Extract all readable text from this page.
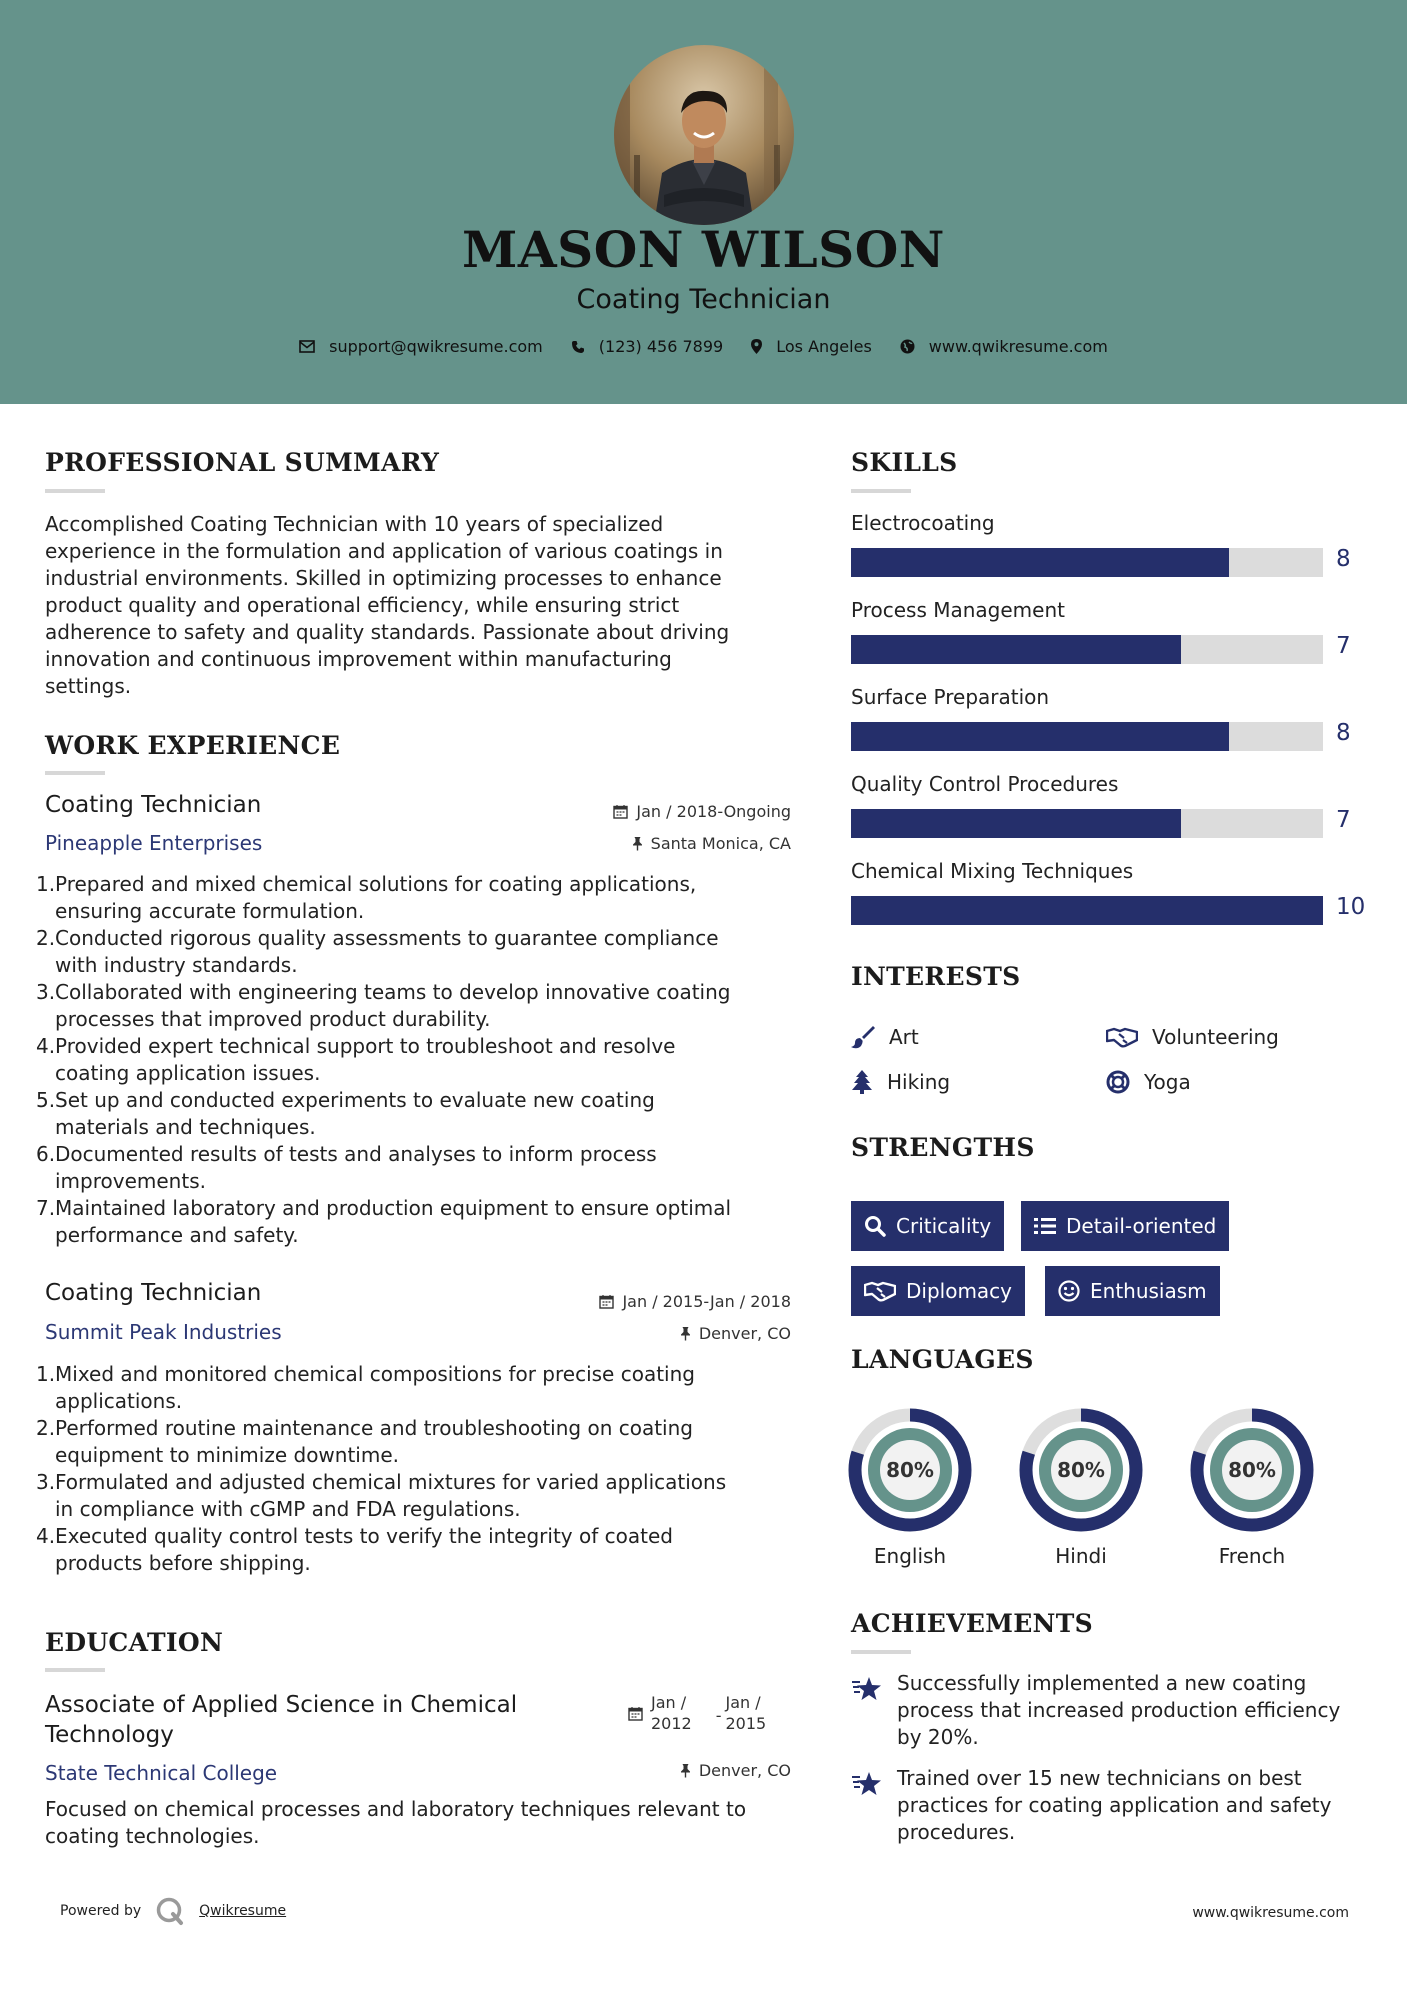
MASON WILSON
Coating Technician
support@qwikresume.com	(123) 456 7899	Los Angeles	www.qwikresume.com
PROFESSIONAL SUMMARY
Accomplished Coating Technician with 10 years of specialized
experience in the formulation and application of various coatings in
industrial environments. Skilled in optimizing processes to enhance
product quality and operational efficiency, while ensuring strict
adherence to safety and quality standards. Passionate about driving
innovation and continuous improvement within manufacturing
settings.
WORK EXPERIENCE
Coating Technician	Jan / 2018-Ongoing
Pineapple Enterprises	Santa Monica, CA
1. Prepared and mixed chemical solutions for coating applications,
ensuring accurate formulation.
2. Conducted rigorous quality assessments to guarantee compliance
with industry standards.
3. Collaborated with engineering teams to develop innovative coating
processes that improved product durability.
4. Provided expert technical support to troubleshoot and resolve
coating application issues.
5. Set up and conducted experiments to evaluate new coating
materials and techniques.
6. Documented results of tests and analyses to inform process
improvements.
7. Maintained laboratory and production equipment to ensure optimal
performance and safety.
Coating Technician	Jan / 2015-Jan / 2018
Summit Peak Industries	Denver, CO
1. Mixed and monitored chemical compositions for precise coating
applications.
2. Performed routine maintenance and troubleshooting on coating
equipment to minimize downtime.
3. Formulated and adjusted chemical mixtures for varied applications
in compliance with cGMP and FDA regulations.
4. Executed quality control tests to verify the integrity of coated
products before shipping.
EDUCATION
Associate of Applied Science in Chemical
Technology
Jan /
2012 -
Jan /
2015
State Technical College	Denver, CO
Focused on chemical processes and laboratory techniques relevant to
coating technologies.
SKILLS
Electrocoating
8
Process Management
7
Surface Preparation
8
Quality Control Procedures
7
Chemical Mixing Techniques
10
INTERESTS
Art	Volunteering
Hiking	Yoga
STRENGTHS
Criticality	Detail-oriented
Diplomacy	Enthusiasm
LANGUAGES
80%
English
80%
Hindi
80%
French
ACHIEVEMENTS
Successfully implemented a new coating
process that increased production efficiency
by 20%.
Trained over 15 new technicians on best
practices for coating application and safety
procedures.
Powered by	Qwikresume	www.qwikresume.com
